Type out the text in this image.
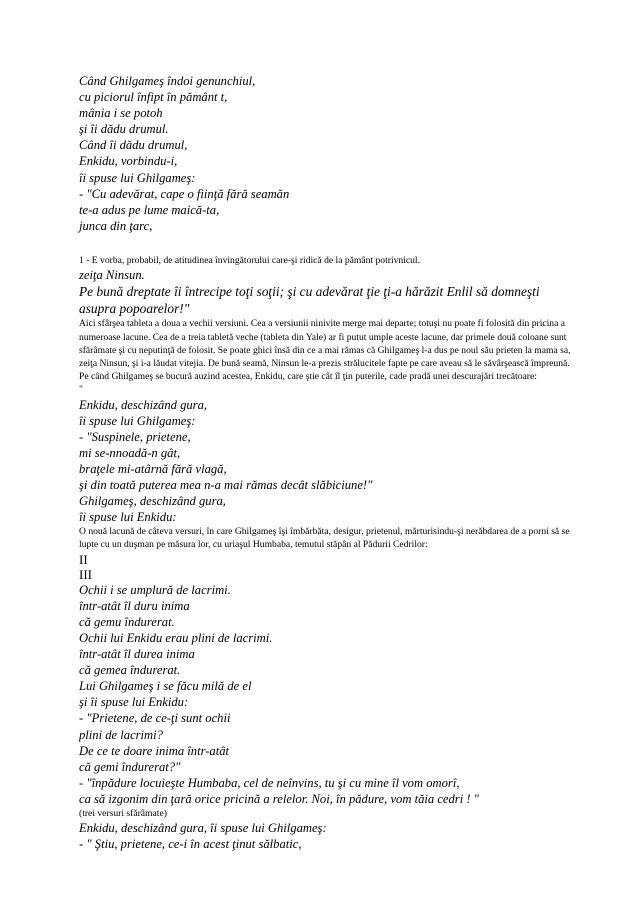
Când Ghilgameş îndoi genunchiul,
cu piciorul înfipt în pământ t,
mânia i se potoh
şi îi dădu drumul.
Când îi dădu drumul,
Enkidu, vorbindu-i,
îi spuse lui Ghilgameş:
- "Cu adevărat, cape o fiinţă fără seamăn
te-a adus pe lume maică-ta,
junca din ţarc,
1 - E vorba, probabil, de atitudinea învingătorului care-şi ridică de la pământ potrivnicul.
zeiţa Ninsun.
Pe bună dreptate îi întrecipe toţi soţii; şi cu adevărat ţie ţi-a hărăzit Enlil să domneşti asupra popoarelor!"
Aici sfârşea tableta a doua a vechii versiuni. Cea a versiunii ninivite merge mai departe; totuşi nu poate fi folosită din pricina a numeroase lacune. Cea de a treia tabletă veche (tableta din Yale) ar fi putut umple aceste lacune, dar primele două coloane sunt sfărâmate şi cu neputinţă de folosit. Se poate ghici însă din ce a mai rămas că Ghilgameş l-a dus pe noul său prieten la mama sa, zeiţa Ninsun, şi i-a lăudat vitejia. De bună seamă, Ninsun le-a prezis strălucitele fapte pe care aveau să le săvârşească împreună. Pe când Ghilgameş se bucură auzind acestea, Enkidu, care ştie cât îl ţin puterile, cade pradă unei descurajări trecătoare:
"
Enkidu, deschizând gura,
îi spuse lui Ghilgameş:
- "Suspinele, prietene,
mi se-nnoadă-n gât,
braţele mi-atârnă fără vlagă,
şi din toată puterea mea n-a mai rămas decât slăbiciune!"
Ghilgameş, deschizând gura,
îi spuse lui Enkidu:
O nouă lacună de câteva versuri, în care Ghilgameş îşi îmbărbăta, desigur, prietenul, mărturisindu-şi nerăbdarea de a porni să se lupte cu un duşman pe măsura lor, cu uriaşul Humbaba, temutul stăpân al Pădurii Cedrilor:
II
III
Ochii i se umplură de lacrimi.
într-atât îl duru inima
că gemu îndurerat.
Ochii lui Enkidu erau plini de lacrimi.
într-atât îl durea inima
că gemea îndurerat.
Lui Ghilgameş i se făcu milă de el
şi îi spuse lui Enkidu:
- "Prietene, de ce-ţi sunt ochii
plini de lacrimi?
De ce te doare inima într-atât
că gemi îndurerat?"
- "înpădure locuieşte Humbaba, cel de neînvins, tu şi cu mine îl vom omorî,
ca să izgonim din ţară orice pricină a relelor. Noi, în pădure, vom tăia cedri ! "
(trei versuri sfărâmate)
Enkidu, deschizând gura, îi spuse lui Ghilgameş:
- " Ştiu, prietene, ce-i în acest ţinut sălbatic,
